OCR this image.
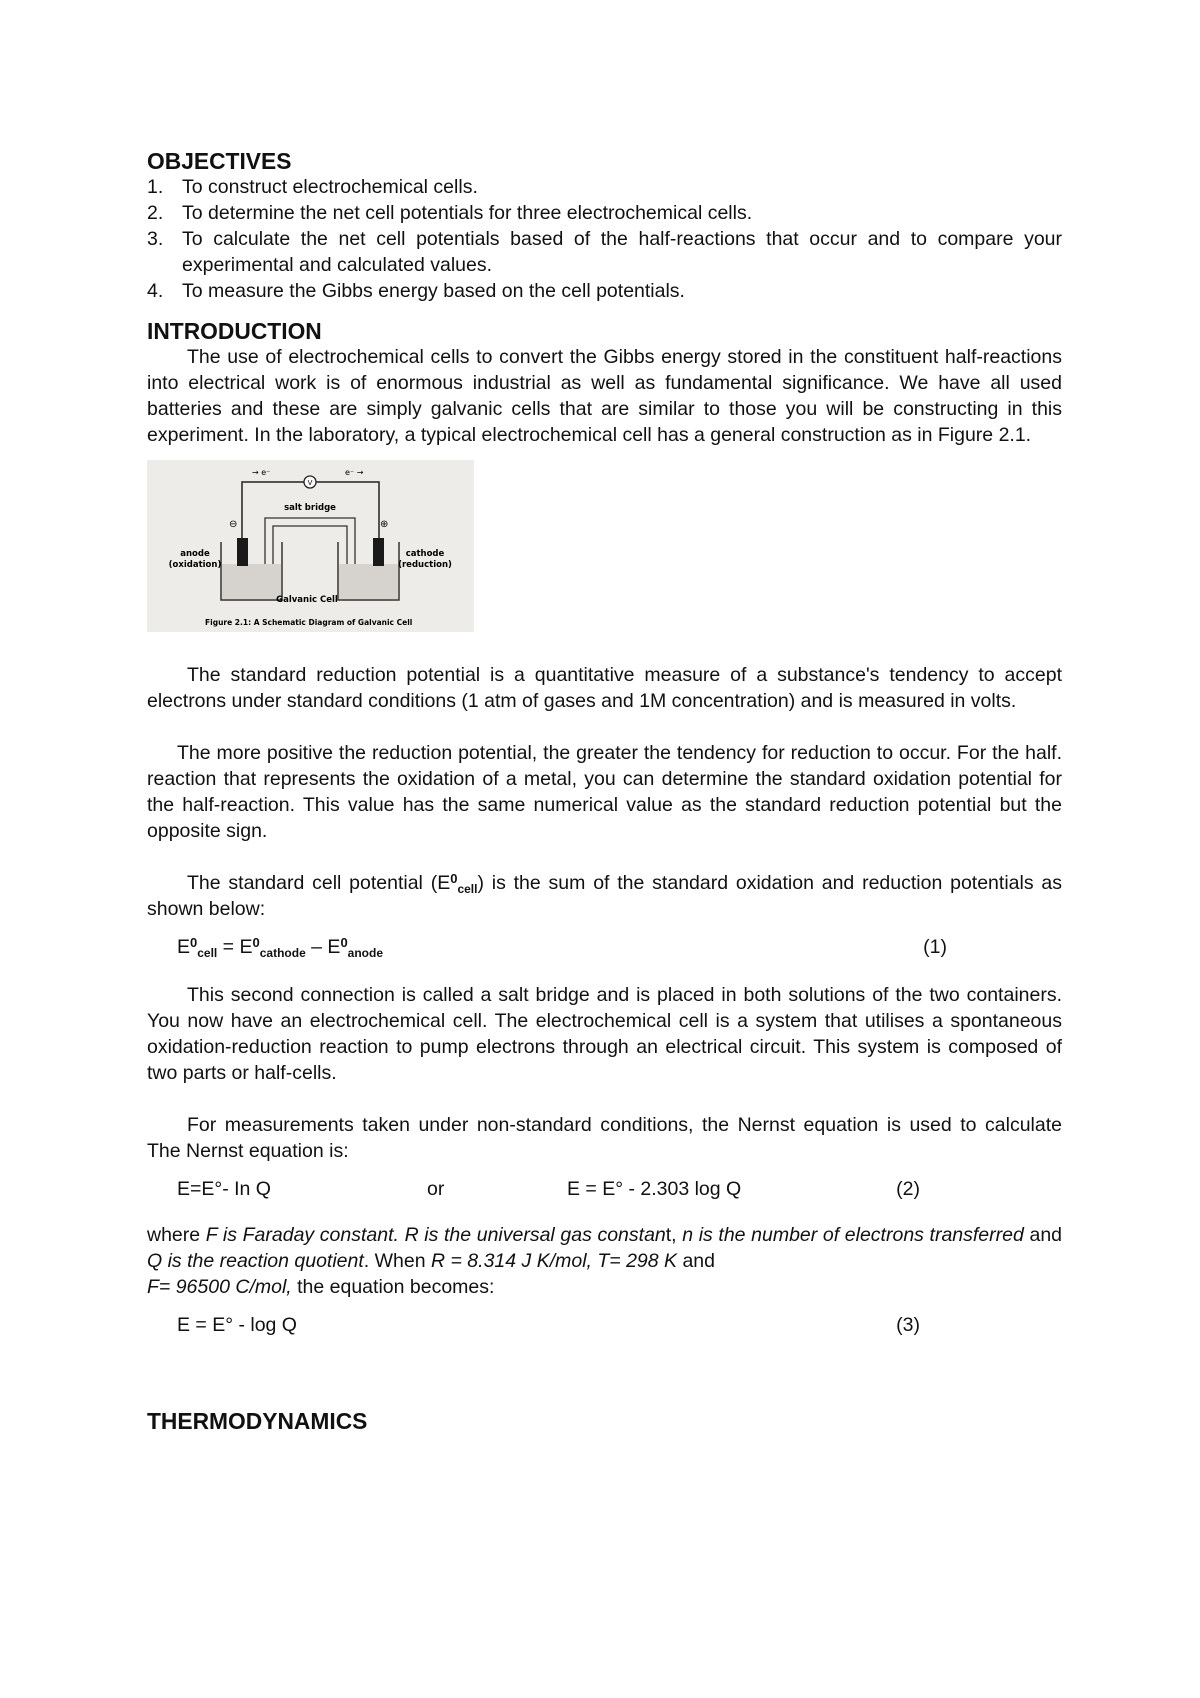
OBJECTIVES
1. To construct electrochemical cells.
2. To determine the net cell potentials for three electrochemical cells.
3. To calculate the net cell potentials based of the half-reactions that occur and to compare your experimental and calculated values.
4. To measure the Gibbs energy based on the cell potentials.
INTRODUCTION

The use of electrochemical cells to convert the Gibbs energy stored in the constituent half-reactions into electrical work is of enormous industrial as well as fundamental significance. We have all used batteries and these are simply galvanic cells that are similar to those you will be constructing in this experiment. In the laboratory, a typical electrochemical cell has a general construction as in Figure 2.1.

V
→ e⁻	e⁻ →
salt bridge
⊖	⊕
anode
(oxidation)
cathode
(reduction)
Galvanic Cell
Figure 2.1: A Schematic Diagram of Galvanic Cell

The standard reduction potential is a quantitative measure of a substance's tendency to accept electrons under standard conditions (1 atm of gases and 1M concentration) and is measured in volts.

The more positive the reduction potential, the greater the tendency for reduction to occur. For the half. reaction that represents the oxidation of a metal, you can determine the standard oxidation potential for the half-reaction. This value has the same numerical value as the standard reduction potential but the opposite sign.

The standard cell potential $(E^0_{cell})$ is the sum of the standard oxidation and reduction potentials as shown below:

$E^0_{cell} = E^0_{cathode} - E^0_{anode}$	(1)

This second connection is called a salt bridge and is placed in both solutions of the two containers. You now have an electrochemical cell. The electrochemical cell is a system that utilises a spontaneous oxidation-reduction reaction to pump electrons through an electrical circuit. This system is composed of two parts or half-cells.

For measurements taken under non-standard conditions, the Nernst equation is used to calculate The Nernst equation is:

E=E°- In Q	or	E = E° - 2.303 log Q	(2)

where F is Faraday constant. R is the universal gas constant, n is the number of electrons transferred and Q is the reaction quotient. When R = 8.314 J K/mol, T= 298 K and
F= 96500 C/mol, the equation becomes:

E = E° - log Q	(3)
THERMODYNAMICS
